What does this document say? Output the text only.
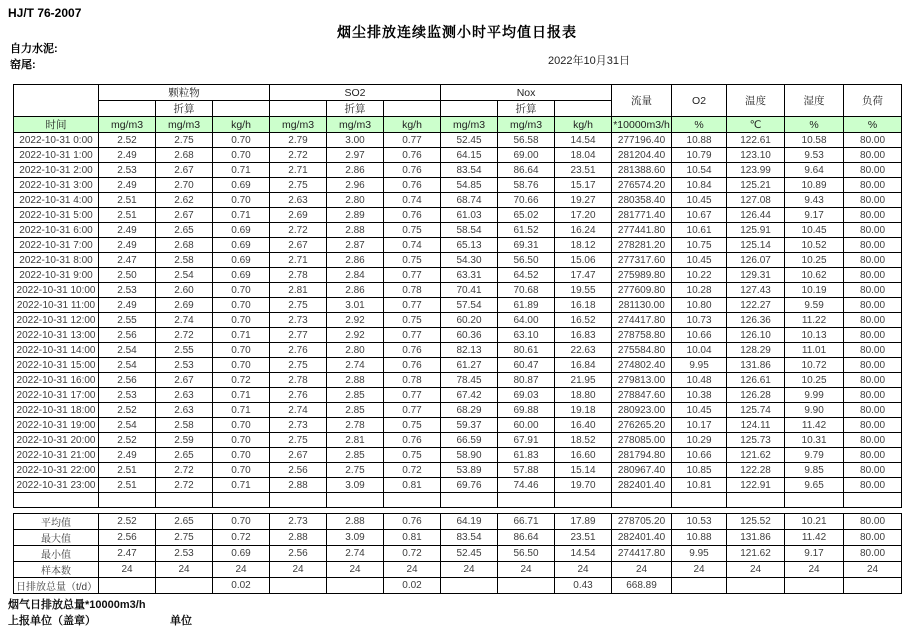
HJ/T 76-2007
烟尘排放连续监测小时平均值日报表
自力水泥:
2022年10月31日
窑尾:
	颗粒物			SO2			Nox			流量	O2	温度	湿度	负荷
		折算			折算			折算						
时间	mg/m3	mg/m3	kg/h	mg/m3	mg/m3	kg/h	mg/m3	mg/m3	kg/h	*10000m3/h	%	℃	%	%
2022-10-31 0:00	2.52	2.75	0.70	2.79	3.00	0.77	52.45	56.58	14.54	277196.40	10.88	122.61	10.58	80.00
2022-10-31 1:00	2.49	2.68	0.70	2.72	2.97	0.76	64.15	69.00	18.04	281204.40	10.79	123.10	9.53	80.00
2022-10-31 2:00	2.53	2.67	0.71	2.71	2.86	0.76	83.54	86.64	23.51	281388.60	10.54	123.99	9.64	80.00
2022-10-31 3:00	2.49	2.70	0.69	2.75	2.96	0.76	54.85	58.76	15.17	276574.20	10.84	125.21	10.89	80.00
2022-10-31 4:00	2.51	2.62	0.70	2.63	2.80	0.74	68.74	70.66	19.27	280358.40	10.45	127.08	9.43	80.00
2022-10-31 5:00	2.51	2.67	0.71	2.69	2.89	0.76	61.03	65.02	17.20	281771.40	10.67	126.44	9.17	80.00
2022-10-31 6:00	2.49	2.65	0.69	2.72	2.88	0.75	58.54	61.52	16.24	277441.80	10.61	125.91	10.45	80.00
2022-10-31 7:00	2.49	2.68	0.69	2.67	2.87	0.74	65.13	69.31	18.12	278281.20	10.75	125.14	10.52	80.00
2022-10-31 8:00	2.47	2.58	0.69	2.71	2.86	0.75	54.30	56.50	15.06	277317.60	10.45	126.07	10.25	80.00
2022-10-31 9:00	2.50	2.54	0.69	2.78	2.84	0.77	63.31	64.52	17.47	275989.80	10.22	129.31	10.62	80.00
2022-10-31 10:00	2.53	2.60	0.70	2.81	2.86	0.78	70.41	70.68	19.55	277609.80	10.28	127.43	10.19	80.00
2022-10-31 11:00	2.49	2.69	0.70	2.75	3.01	0.77	57.54	61.89	16.18	281130.00	10.80	122.27	9.59	80.00
2022-10-31 12:00	2.55	2.74	0.70	2.73	2.92	0.75	60.20	64.00	16.52	274417.80	10.73	126.36	11.22	80.00
2022-10-31 13:00	2.56	2.72	0.71	2.77	2.92	0.77	60.36	63.10	16.83	278758.80	10.66	126.10	10.13	80.00
2022-10-31 14:00	2.54	2.55	0.70	2.76	2.80	0.76	82.13	80.61	22.63	275584.80	10.04	128.29	11.01	80.00
2022-10-31 15:00	2.54	2.53	0.70	2.75	2.74	0.76	61.27	60.47	16.84	274802.40	9.95	131.86	10.72	80.00
2022-10-31 16:00	2.56	2.67	0.72	2.78	2.88	0.78	78.45	80.87	21.95	279813.00	10.48	126.61	10.25	80.00
2022-10-31 17:00	2.53	2.63	0.71	2.76	2.85	0.77	67.42	69.03	18.80	278847.60	10.38	126.28	9.99	80.00
2022-10-31 18:00	2.52	2.63	0.71	2.74	2.85	0.77	68.29	69.88	19.18	280923.00	10.45	125.74	9.90	80.00
2022-10-31 19:00	2.54	2.58	0.70	2.73	2.78	0.75	59.37	60.00	16.40	276265.20	10.17	124.11	11.42	80.00
2022-10-31 20:00	2.52	2.59	0.70	2.75	2.81	0.76	66.59	67.91	18.52	278085.00	10.29	125.73	10.31	80.00
2022-10-31 21:00	2.49	2.65	0.70	2.67	2.85	0.75	58.90	61.83	16.60	281794.80	10.66	121.62	9.79	80.00
2022-10-31 22:00	2.51	2.72	0.70	2.56	2.75	0.72	53.89	57.88	15.14	280967.40	10.85	122.28	9.85	80.00
2022-10-31 23:00	2.51	2.72	0.71	2.88	3.09	0.81	69.76	74.46	19.70	282401.40	10.81	122.91	9.65	80.00

平均值	2.52	2.65	0.70	2.73	2.88	0.76	64.19	66.71	17.89	278705.20	10.53	125.52	10.21	80.00
最大值	2.56	2.75	0.72	2.88	3.09	0.81	83.54	86.64	23.51	282401.40	10.88	131.86	11.42	80.00
最小值	2.47	2.53	0.69	2.56	2.74	0.72	52.45	56.50	14.54	274417.80	9.95	121.62	9.17	80.00
样本数	24	24	24	24	24	24	24	24	24	24	24	24	24	24
日排放总量（t/d）			0.02			0.02			0.43	668.89				
烟气日排放总量*10000m3/h
上报单位（盖章）	单位
